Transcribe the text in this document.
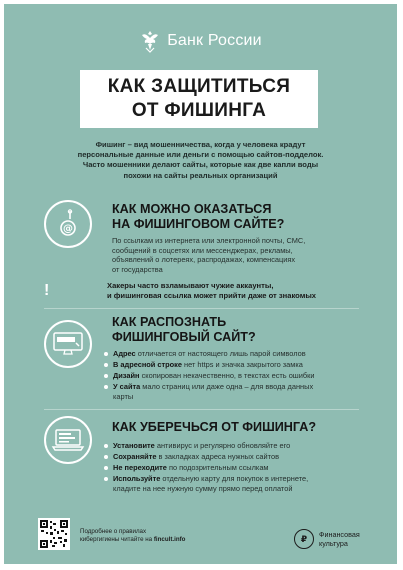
Банк России
КАК ЗАЩИТИТЬСЯ
ОТ ФИШИНГА
Фишинг – вид мошенничества, когда у человека крадут
персональные данные или деньги с помощью сайтов-подделок.
Часто мошенники делают сайты, которые как две капли воды
похожи на сайты реальных организаций
@
КАК МОЖНО ОКАЗАТЬСЯ
НА ФИШИНГОВОМ САЙТЕ?
По ссылкам из интернета или электронной почты, СМС,
сообщений в соцсетях или мессенджерах, рекламы,
объявлений о лотереях, распродажах, компенсациях
от государства
!	Хакеры часто взламывают чужие аккаунты,
и фишинговая ссылка может прийти даже от знакомых
КАК РАСПОЗНАТЬ
ФИШИНГОВЫЙ САЙТ?
Адрес отличается от настоящего лишь парой символов
В адресной строке нет https и значка закрытого замка
Дизайн скопирован некачественно, в текстах есть ошибки
У сайта мало страниц или даже одна – для ввода данных
карты
КАК УБЕРЕЧЬСЯ ОТ ФИШИНГА?
Установите антивирус и регулярно обновляйте его
Сохраняйте в закладках адреса нужных сайтов
Не переходите по подозрительным ссылкам
Используйте отдельную карту для покупок в интернете,
кладите на нее нужную сумму прямо перед оплатой
Подробнее о правилах
кибергигиены читайте на fincult.info	₽	Финансовая
культура
